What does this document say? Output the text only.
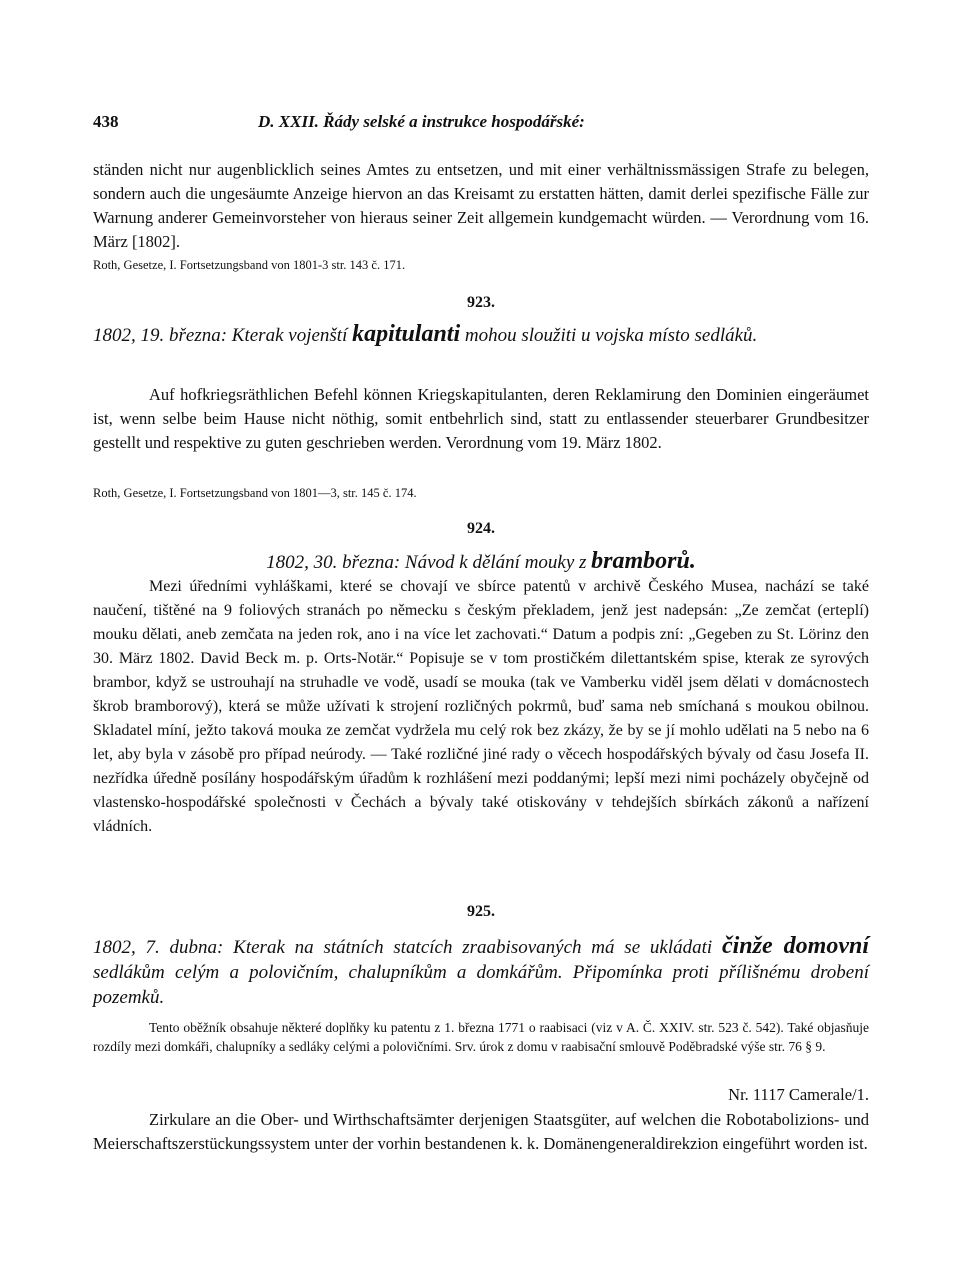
438	D. XXII. Řády selské a instrukce hospodářské:

ständen nicht nur augenblicklich seines Amtes zu entsetzen, und mit einer verhältnissmässigen Strafe zu belegen, sondern auch die ungesäumte Anzeige hiervon an das Kreisamt zu erstatten hätten, damit derlei spezifische Fälle zur Warnung anderer Gemeinvorsteher von hieraus seiner Zeit allgemein kundgemacht würden. — Verordnung vom 16. März [1802].

Roth, Gesetze, I. Fortsetzungsband von 1801-3 str. 143 č. 171.
923.

1802, 19. března: Kterak vojenští kapitulanti mohou sloužiti u vojska místo sedláků.

Auf hofkriegsräthlichen Befehl können Kriegskapitulanten, deren Reklamirung den Dominien eingeräumet ist, wenn selbe beim Hause nicht nöthig, somit entbehrlich sind, statt zu entlassender steuerbarer Grundbesitzer gestellt und respektive zu guten geschrieben werden. Verordnung vom 19. März 1802.

Roth, Gesetze, I. Fortsetzungsband von 1801—3, str. 145 č. 174.
924.

1802, 30. března: Návod k dělání mouky z bramborů.

Mezi úředními vyhláškami, které se chovají ve sbírce patentů v archivě Českého Musea, nachází se také naučení, tištěné na 9 foliových stranách po německu s českým překladem, jenž jest nadepsán: „Ze zemčat (erteplí) mouku dělati, aneb zemčata na jeden rok, ano i na více let zachovati.“ Datum a podpis zní: „Gegeben zu St. Lörinz den 30. März 1802. David Beck m. p. Orts-Notär.“ Popisuje se v tom prostičkém dilettantském spise, kterak ze syrových brambor, když se ustrouhají na struhadle ve vodě, usadí se mouka (tak ve Vamberku viděl jsem dělati v domácnostech škrob bramborový), která se může užívati k strojení rozličných pokrmů, buď sama neb smíchaná s moukou obilnou. Skladatel míní, ježto taková mouka ze zemčat vydržela mu celý rok bez zkázy, že by se jí mohlo udělati na 5 nebo na 6 let, aby byla v zásobě pro případ neúrody. — Také rozličné jiné rady o věcech hospodářských bývaly od času Josefa II. nezřídka úředně posílány hospodářským úřadům k rozhlášení mezi poddanými; lepší mezi nimi pocházely obyčejně od vlastensko-hospodářské společnosti v Čechách a bývaly také otiskovány v tehdejších sbírkách zákonů a nařízení vládních.

925.

1802, 7. dubna: Kterak na státních statcích zraabisovaných má se ukládati činže domovní sedlákům celým a polovičním, chalupníkům a domkářům. Připomínka proti přílišnému drobení pozemků.

Tento oběžník obsahuje některé doplňky ku patentu z 1. března 1771 o raabisaci (viz v A. Č. XXIV. str. 523 č. 542). Také objasňuje rozdíly mezi domkáři, chalupníky a sedláky celými a polovičními. Srv. úrok z domu v raabisační smlouvě Poděbradské výše str. 76 § 9.

Nr. 1117 Camerale/1.

Zirkulare an die Ober- und Wirthschaftsämter derjenigen Staatsgüter, auf welchen die Robotabolizions- und Meierschaftszerstückungssystem unter der vorhin bestandenen k. k. Domänengeneraldirekzion eingeführt worden ist.
